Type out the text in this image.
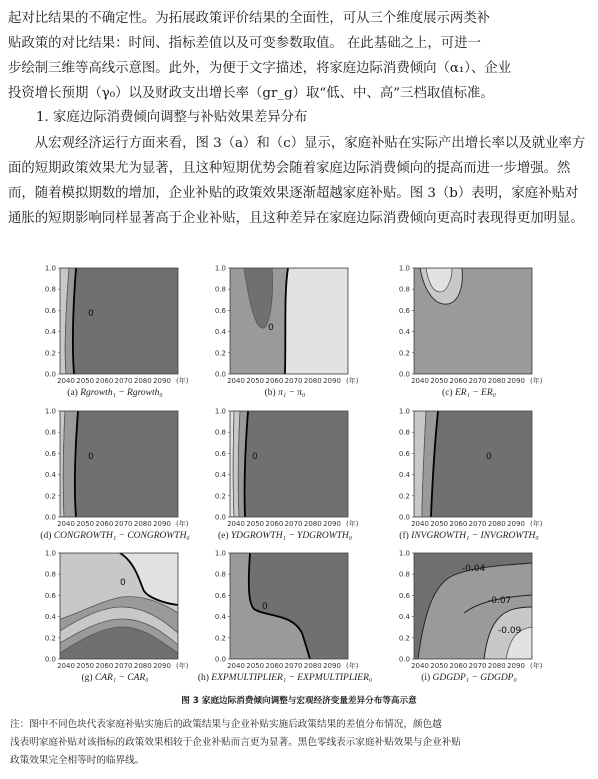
起对比结果的不确定性。为拓展政策评价结果的全面性，可从三个维度展示两类补

贴政策的对比结果：时间、指标差值以及可变参数取值。 在此基础之上，可进一

步绘制三维等高线示意图。此外，为便于文字描述，将家庭边际消费倾向（α₁）、企业

投资增长预期（γ₀）以及财政支出增长率（gr_g）取“低、中、高”三档取值标准。

1. 家庭边际消费倾向调整与补贴效果差异分布

从宏观经济运行方面来看，图 3（a）和（c）显示，家庭补贴在实际产出增长率以及就业率方面的短期政策效果尤为显著，且这种短期优势会随着家庭边际消费倾向的提高而进一步增强。然而，随着模拟期数的增加，企业补贴的政策效果逐渐超越家庭补贴。图 3（b）表明，家庭补贴对通胀的短期影响同样显著高于企业补贴，且这种差异在家庭边际消费倾向更高时表现得更加明显。

0
1.0
0.8
0.6
0.4
0.2
0.0
2040 2050 2060 2070 2080 2090 (年)
(a) Rgrowth₁ − Rgrowth₀
0
1.0
0.8
0.6
0.4
0.2
0.0
2040 2050 2060 2070 2080 2090 (年)
(b) π₁ − π₀
1.0
0.8
0.6
0.4
0.2
0.0
2040 2050 2060 2070 2080 2090 (年)
(c) ER₁ − ER₀
0
1.0
0.8
0.6
0.4
0.2
0.0
2040 2050 2060 2070 2080 2090 (年)
(d) CONGROWTH₁ − CONGROWTH₀
0
1.0
0.8
0.6
0.4
0.2
0.0
2040 2050 2060 2070 2080 2090 (年)
(e) YDGROWTH₁ − YDGROWTH₀
0
1.0
0.8
0.6
0.4
0.2
0.0
2040 2050 2060 2070 2080 2090 (年)
(f) INVGROWTH₁ − INVGROWTH₀
0
1.0
0.8
0.6
0.4
0.2
0.0
2040 2050 2060 2070 2080 2090 (年)
(g) CAR₁ − CAR₀
0
1.0
0.8
0.6
0.4
0.2
0.0
2040 2050 2060 2070 2080 2090 (年)
(h) EXPMULTIPLIER₁ − EXPMULTIPLIER₀
-0.04
-0.07
-0.09
1.0
0.8
0.6
0.4
0.2
0.0
2040 2050 2060 2070 2080 2090 (年)
(i) GDGDP₁ − GDGDP₀
图 3 家庭边际消费倾向调整与宏观经济变量差异分布等高示意

注：图中不同色块代表家庭补贴实施后的政策结果与企业补贴实施后政策结果的差值分布情况，颜色越

浅表明家庭补贴对该指标的政策效果相较于企业补贴而言更为显著。黑色零线表示家庭补贴效果与企业补贴

政策效果完全相等时的临界线。
